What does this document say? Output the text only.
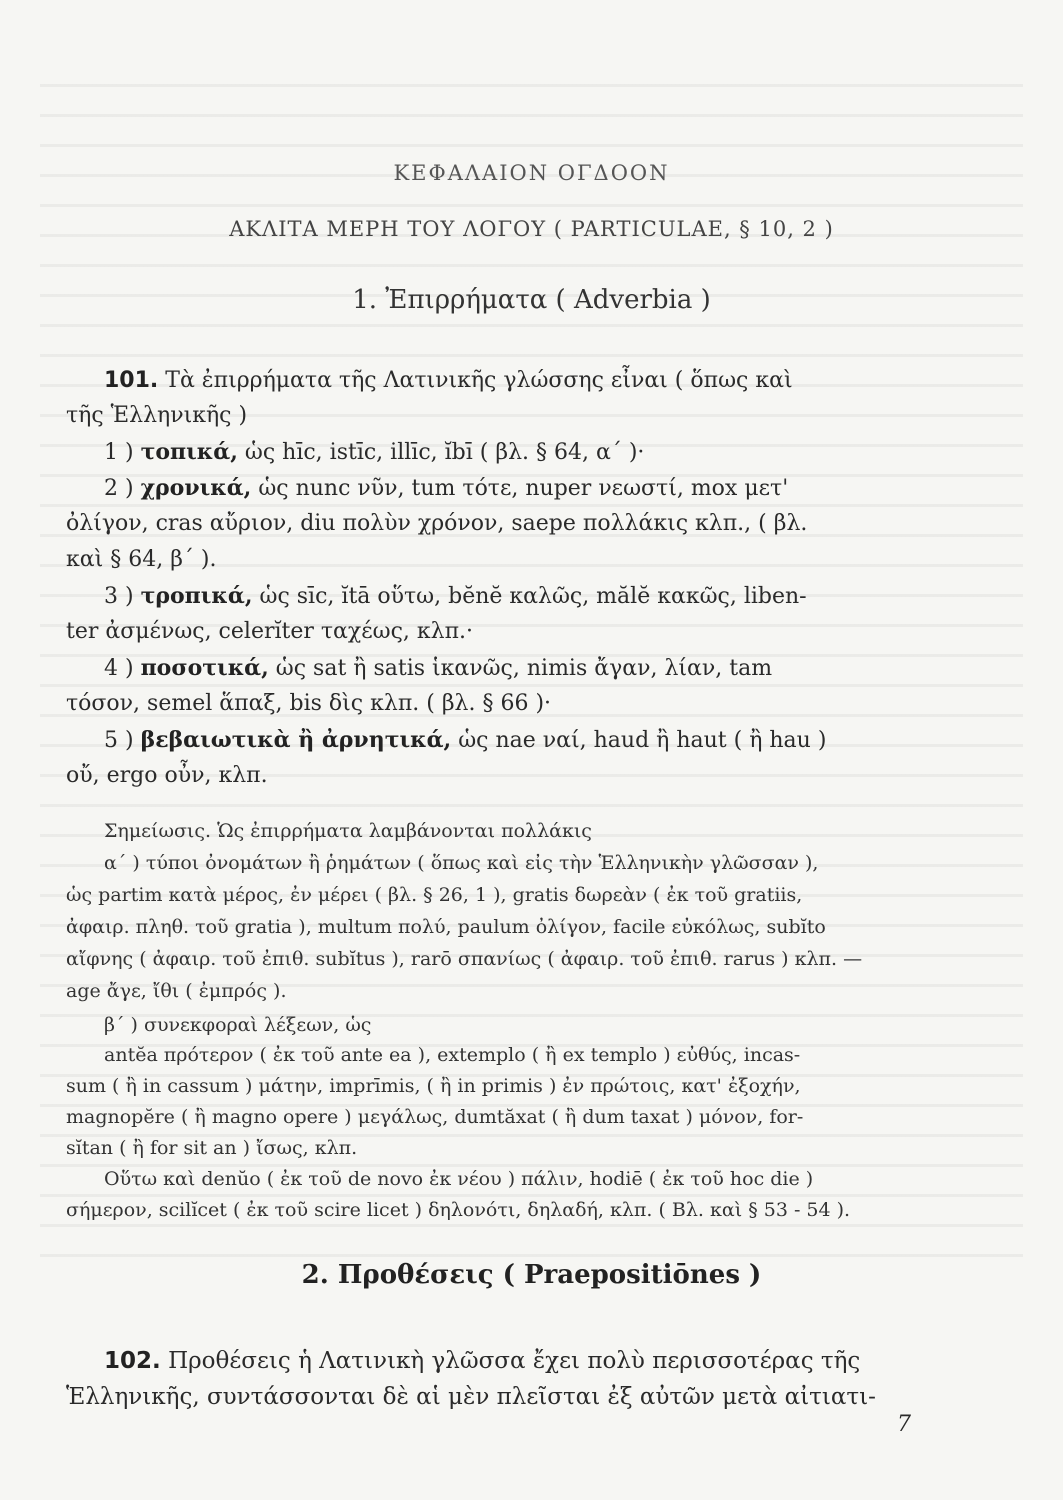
ΚΕΦΑΛΑΙΟΝ ΟΓΔΟΟΝ
ΑΚΛΙΤΑ ΜΕΡΗ ΤΟΥ ΛΟΓΟΥ ( PARTICULAE, § 10, 2 )
1. Ἐπιρρήματα ( Adverbia )
101. Τὰ ἐπιρρήματα τῆς Λατινικῆς γλώσσης εἶναι ( ὅπως καὶ
τῆς Ἑλληνικῆς )
1 ) τοπικά, ὡς hīc, istīc, illīc, ĭbī ( βλ. § 64, α΄ )·
2 ) χρονικά, ὡς nunc νῦν, tum τότε, nuper νεωστί, mox μετ'
ὀλίγον, cras αὔριον, diu πολὺν χρόνον, saepe πολλάκις κλπ., ( βλ.
καὶ § 64, β΄ ).
3 ) τροπικά, ὡς sīc, ĭtā οὕτω, bĕnĕ καλῶς, mălĕ κακῶς, liben-
ter ἀσμένως, celerĭter ταχέως, κλπ.·
4 ) ποσοτικά, ὡς sat ἢ satis ἱκανῶς, nimis ἄγαν, λίαν, tam
τόσον, semel ἅπαξ, bis δὶς κλπ. ( βλ. § 66 )·
5 ) βεβαιωτικὰ ἢ ἀρνητικά, ὡς nae ναί, haud ἢ haut ( ἢ hau )
οὔ, ergo οὖν, κλπ.
Σημείωσις. Ὡς ἐπιρρήματα λαμβάνονται πολλάκις
α΄ ) τύποι ὀνομάτων ἢ ῥημάτων ( ὅπως καὶ εἰς τὴν Ἑλληνικὴν γλῶσσαν ),
ὡς partim κατὰ μέρος, ἐν μέρει ( βλ. § 26, 1 ), gratis δωρεὰν ( ἐκ τοῦ gratiis,
ἀφαιρ. πληθ. τοῦ gratia ), multum πολύ, paulum ὀλίγον, facile εὐκόλως, subĭto
αἴφνης ( ἀφαιρ. τοῦ ἐπιθ. subĭtus ), rarō σπανίως ( ἀφαιρ. τοῦ ἐπιθ. rarus ) κλπ. —
age ἄγε, ἴθι ( ἐμπρός ).
β΄ ) συνεκφοραὶ λέξεων, ὡς
antĕa πρότερον ( ἐκ τοῦ ante ea ), extemplo ( ἢ ex templo ) εὐθύς, incas-
sum ( ἢ in cassum ) μάτην, imprīmis, ( ἢ in primis ) ἐν πρώτοις, κατ' ἐξοχήν,
magnopĕre ( ἢ magno opere ) μεγάλως, dumtăxat ( ἢ dum taxat ) μόνον, for-
sĭtan ( ἢ for sit an ) ἴσως, κλπ.
Οὕτω καὶ denŭo ( ἐκ τοῦ de novo ἐκ νέου ) πάλιν, hodiē ( ἐκ τοῦ hoc die )
σήμερον, scilĭcet ( ἐκ τοῦ scire licet ) δηλονότι, δηλαδή, κλπ. ( Βλ. καὶ § 53 - 54 ).
2. Προθέσεις ( Praepositiōnes )
102. Προθέσεις ἡ Λατινικὴ γλῶσσα ἔχει πολὺ περισσοτέρας τῆς
Ἑλληνικῆς, συντάσσονται δὲ αἱ μὲν πλεῖσται ἐξ αὐτῶν μετὰ αἰτιατι-
7
